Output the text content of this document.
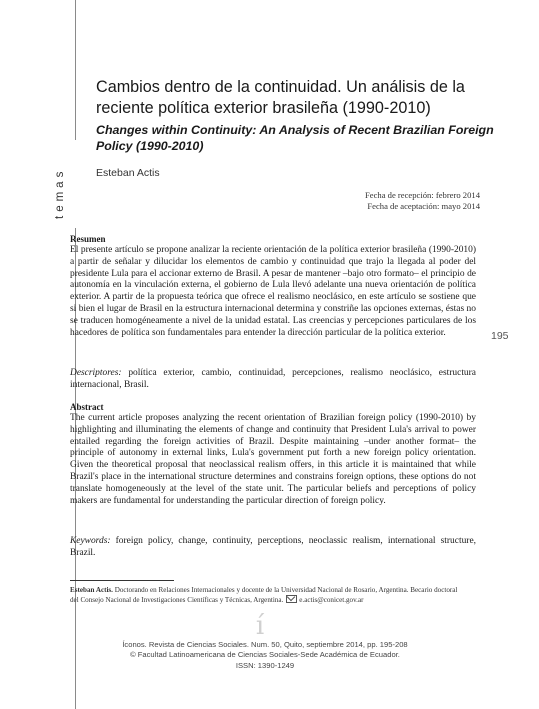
temas
Cambios dentro de la continuidad. Un análisis de la reciente política exterior brasileña (1990-2010)
Changes within Continuity: An Analysis of Recent Brazilian Foreign Policy (1990-2010)
Esteban Actis
Fecha de recepción: febrero 2014
Fecha de aceptación: mayo 2014
195

Resumen

El presente artículo se propone analizar la reciente orientación de la política exterior brasileña (1990-2010) a partir de señalar y dilucidar los elementos de cambio y continuidad que trajo la llegada al poder del presidente Lula para el accionar externo de Brasil. A pesar de mantener –bajo otro formato– el principio de autonomía en la vinculación externa, el gobierno de Lula llevó adelante una nueva orientación de política exterior. A partir de la propuesta teórica que ofrece el realismo neoclásico, en este artículo se sostiene que si bien el lugar de Brasil en la estructura internacional determina y constriñe las opciones externas, éstas no se traducen homogéneamente a nivel de la unidad estatal. Las creencias y percepciones particulares de los hacedores de política son fundamentales para entender la dirección particular de la política exterior.

Descriptores: política exterior, cambio, continuidad, percepciones, realismo neoclásico, estructura internacional, Brasil.

Abstract

The current article proposes analyzing the recent orientation of Brazilian foreign policy (1990-2010) by highlighting and illuminating the elements of change and continuity that President Lula's arrival to power entailed regarding the foreign activities of Brazil. Despite maintaining –under another format– the principle of autonomy in external links, Lula's government put forth a new foreign policy orientation. Given the theoretical proposal that neoclassical realism offers, in this article it is maintained that while Brazil's place in the international structure determines and constrains foreign options, these options do not translate homogeneously at the level of the state unit. The particular beliefs and perceptions of policy makers are fundamental for understanding the particular direction of foreign policy.

Keywords: foreign policy, change, continuity, perceptions, neoclassic realism, international structure, Brazil.

Esteban Actis. Doctorando en Relaciones Internacionales y docente de la Universidad Nacional de Rosario, Argentina. Becario doctoral del Consejo Nacional de Investigaciones Científicas y Técnicas, Argentina. e.actis@conicet.gov.ar
í
Íconos. Revista de Ciencias Sociales. Num. 50, Quito, septiembre 2014, pp. 195-208
© Facultad Latinoamericana de Ciencias Sociales-Sede Académica de Ecuador.
ISSN: 1390-1249
